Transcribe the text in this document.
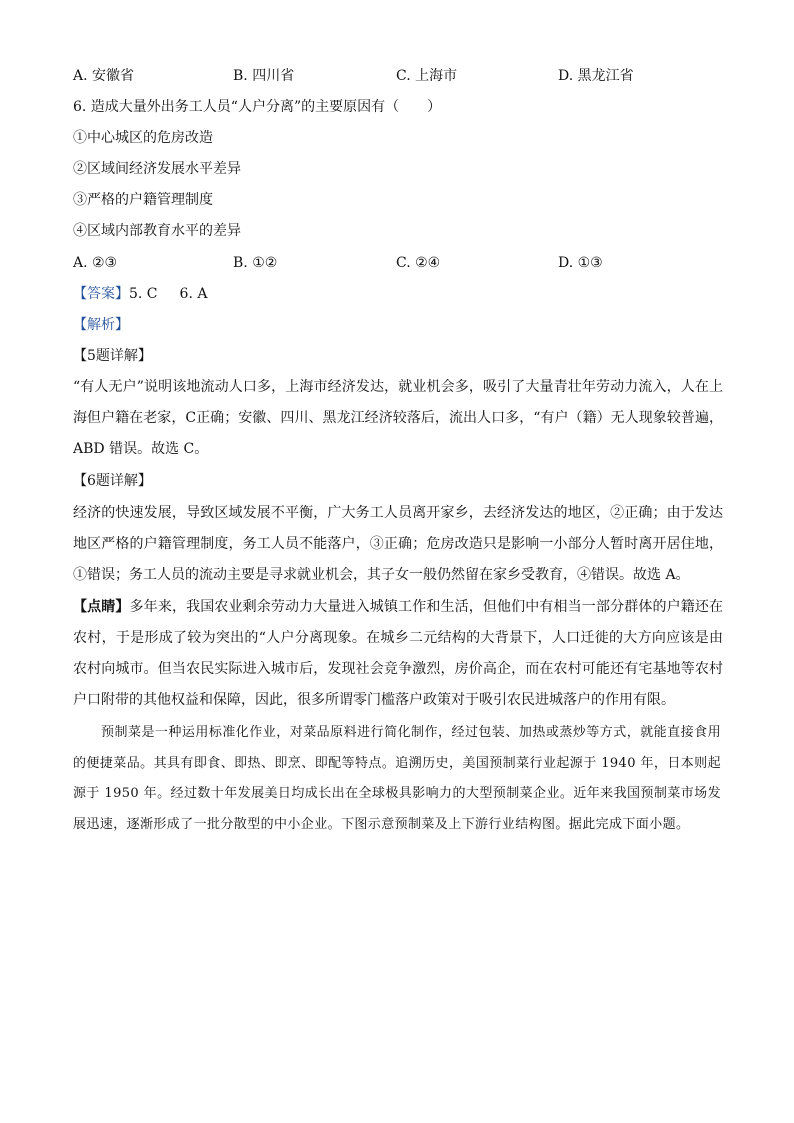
A. 安徽省	B. 四川省	C. 上海市	D. 黑龙江省
6. 造成大量外出务工人员“人户分离”的主要原因有（　　）
①中心城区的危房改造
②区域间经济发展水平差异
③严格的户籍管理制度
④区域内部教育水平的差异
A. ②③	B. ①②	C. ②④	D. ①③
【答案】5. C 6. A
【解析】
【5题详解】
“有人无户”说明该地流动人口多，上海市经济发达，就业机会多，吸引了大量青壮年劳动力流入，人在上海但户籍在老家，C正确；安徽、四川、黑龙江经济较落后，流出人口多，“有户（籍）无人现象较普遍，ABD 错误。故选 C。
【6题详解】
经济的快速发展，导致区域发展不平衡，广大务工人员离开家乡，去经济发达的地区，②正确；由于发达地区严格的户籍管理制度，务工人员不能落户，③正确；危房改造只是影响一小部分人暂时离开居住地，①错误；务工人员的流动主要是寻求就业机会，其子女一般仍然留在家乡受教育，④错误。故选 A。
【点睛】多年来，我国农业剩余劳动力大量进入城镇工作和生活，但他们中有相当一部分群体的户籍还在农村，于是形成了较为突出的“人户分离现象。在城乡二元结构的大背景下，人口迁徙的大方向应该是由农村向城市。但当农民实际进入城市后，发现社会竞争激烈，房价高企，而在农村可能还有宅基地等农村户口附带的其他权益和保障，因此，很多所谓零门槛落户政策对于吸引农民进城落户的作用有限。
预制菜是一种运用标准化作业，对菜品原料进行简化制作，经过包装、加热或蒸炒等方式，就能直接食用的便捷菜品。其具有即食、即热、即烹、即配等特点。追溯历史，美国预制菜行业起源于 1940 年，日本则起源于 1950 年。经过数十年发展美日均成长出在全球极具影响力的大型预制菜企业。近年来我国预制菜市场发展迅速，逐渐形成了一批分散型的中小企业。下图示意预制菜及上下游行业结构图。据此完成下面小题。
